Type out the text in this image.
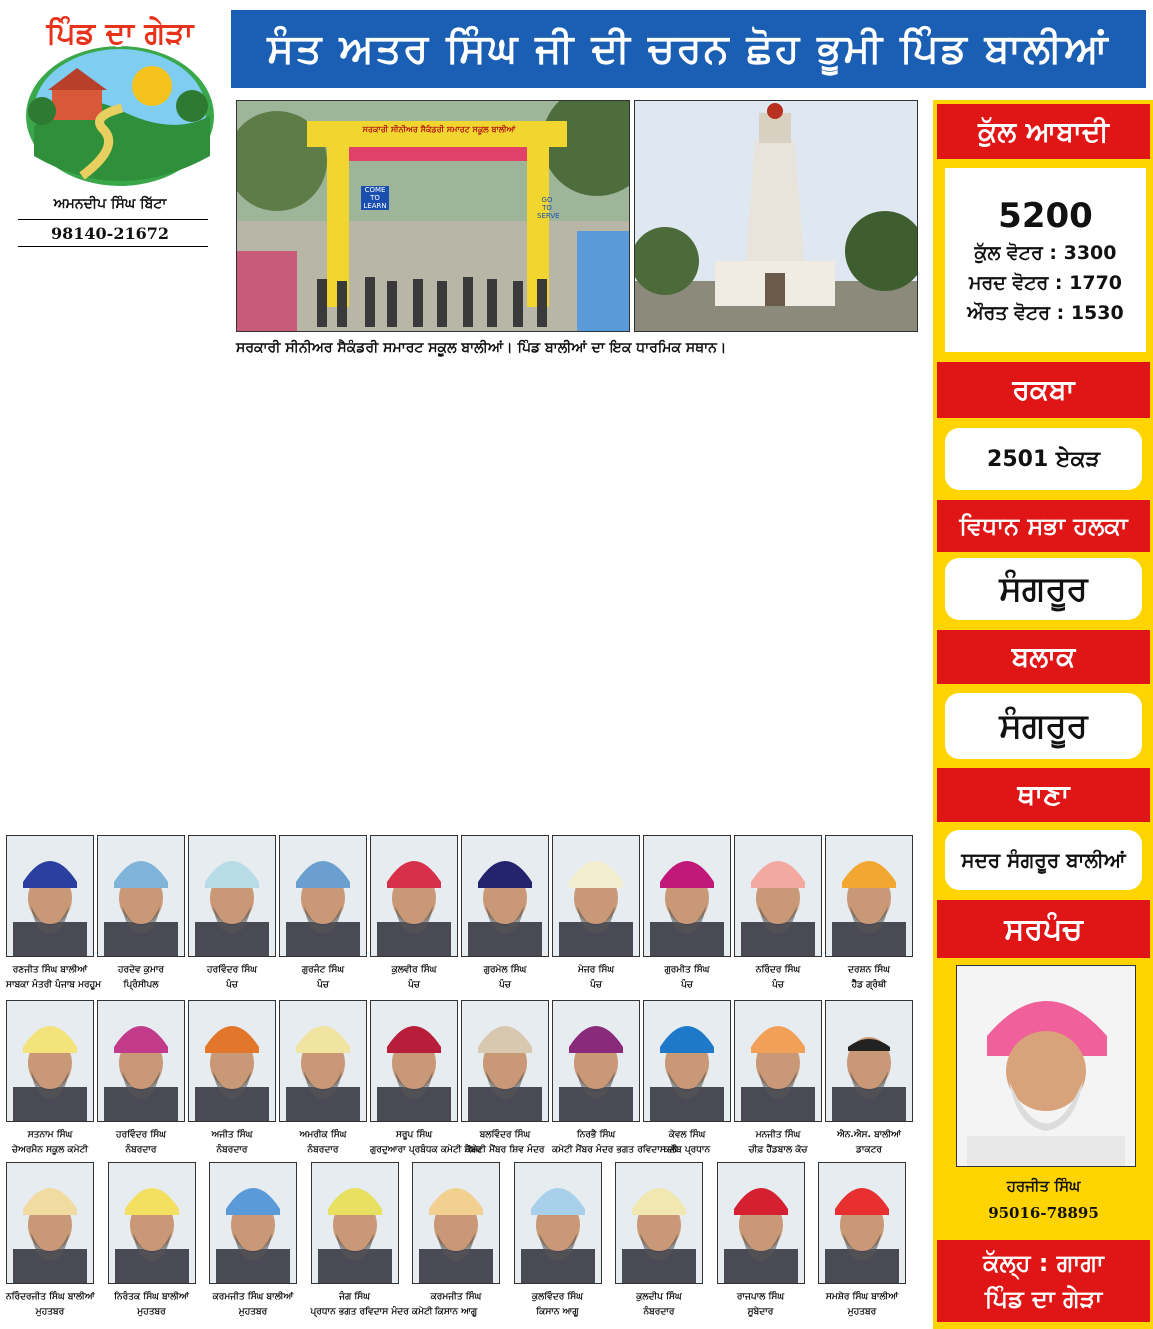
ਪਿੰਡ ਦਾ ਗੇੜਾ
ਅਮਨਦੀਪ ਸਿੰਘ ਬਿੱਟਾ
98140-21672
ਸੰਤ ਅਤਰ ਸਿੰਘ ਜੀ ਦੀ ਚਰਨ ਛੋਹ ਭੂਮੀ ਪਿੰਡ ਬਾਲੀਆਂ
ਸਰਕਾਰੀ ਸੀਨੀਅਰ ਸੈਕੰਡਰੀ ਸਮਾਰਟ ਸਕੂਲ ਬਾਲੀਆਂ
COME TO LEARN
GO TO SERVE
ਸਰਕਾਰੀ ਸੀਨੀਅਰ ਸੈਕੰਡਰੀ ਸਮਾਰਟ ਸਕੂਲ ਬਾਲੀਆਂ। ਪਿੰਡ ਬਾਲੀਆਂ ਦਾ ਇਕ ਧਾਰਮਿਕ ਸਥਾਨ।
ਕੁੱਲ ਆਬਾਦੀ
5200
ਕੁੱਲ ਵੋਟਰ : 3300
ਮਰਦ ਵੋਟਰ : 1770
ਔਰਤ ਵੋਟਰ : 1530
ਰਕਬਾ
2501 ਏਕੜ
ਵਿਧਾਨ ਸਭਾ ਹਲਕਾ
ਸੰਗਰੂਰ
ਬਲਾਕ
ਸੰਗਰੂਰ
ਥਾਣਾ
ਸਦਰ ਸੰਗਰੂਰ ਬਾਲੀਆਂ
ਸਰਪੰਚ
ਹਰਜੀਤ ਸਿੰਘ
95016-78895
ਕੱਲ੍ਹ : ਗਾਗਾ
ਪਿੰਡ ਦਾ ਗੇੜਾ
ਰਣਜੀਤ ਸਿੰਘ ਬਾਲੀਆਂ
ਸਾਬਕਾ ਮੰਤਰੀ ਪੰਜਾਬ ਮਰਹੂਮ
ਹਰਦੇਵ ਕੁਮਾਰ
ਪ੍ਰਿੰਸੀਪਲ
ਹਰਵਿੰਦਰ ਸਿੰਘ
ਪੰਚ
ਗੁਰਜੰਟ ਸਿੰਘ
ਪੰਚ
ਕੁਲਵੀਰ ਸਿੰਘ
ਪੰਚ
ਗੁਰਮੇਲ ਸਿੰਘ
ਪੰਚ
ਮੇਜਰ ਸਿੰਘ
ਪੰਚ
ਗੁਰਮੀਤ ਸਿੰਘ
ਪੰਚ
ਨਰਿੰਦਰ ਸਿੰਘ
ਪੰਚ
ਦਰਸ਼ਨ ਸਿੰਘ
ਹੈੱਡ ਗ੍ਰੰਥੀ
ਸਤਨਾਮ ਸਿੰਘ
ਚੇਅਰਮੈਨ ਸਕੂਲ ਕਮੇਟੀ
ਹਰਵਿੰਦਰ ਸਿੰਘ
ਨੰਬਰਦਾਰ
ਅਜੀਤ ਸਿੰਘ
ਨੰਬਰਦਾਰ
ਅਮਰੀਕ ਸਿੰਘ
ਨੰਬਰਦਾਰ
ਸਰੂਪ ਸਿੰਘ
ਗੁਰਦੁਆਰਾ ਪ੍ਰਬੰਧਕ ਕਮੇਟੀ ਮੈਂਬਰ
ਬਲਵਿੰਦਰ ਸਿੰਘ
ਕਮੇਟੀ ਮੈਂਬਰ ਸ਼ਿਵ ਮੰਦਰ
ਨਿਰਭੈ ਸਿੰਘ
ਕਮੇਟੀ ਮੈਂਬਰ ਮੰਦਰ ਭਗਤ ਰਵਿਦਾਸ ਜੀ
ਕੇਵਲ ਸਿੰਘ
ਕਲੱਬ ਪ੍ਰਧਾਨ
ਮਨਜੀਤ ਸਿੰਘ
ਚੀਫ਼ ਹੈਂਡਬਾਲ ਕੋਚ
ਐਨ.ਐਸ. ਬਾਲੀਆਂ
ਡਾਕਟਰ
ਨਰਿੰਦਰਜੀਤ ਸਿੰਘ ਬਾਲੀਆਂ
ਮੁਹਤਬਰ
ਨਿਰੰਤਕ ਸਿੰਘ ਬਾਲੀਆਂ
ਮੁਹਤਬਰ
ਕਰਮਜੀਤ ਸਿੰਘ ਬਾਲੀਆਂ
ਮੁਹਤਬਰ
ਜੰਗ ਸਿੰਘ
ਪ੍ਰਧਾਨ ਭਗਤ ਰਵਿਦਾਸ ਮੰਦਰ ਕਮੇਟੀ
ਕਰਮਜੀਤ ਸਿੰਘ
ਕਿਸਾਨ ਆਗੂ
ਕੁਲਵਿੰਦਰ ਸਿੰਘ
ਕਿਸਾਨ ਆਗੂ
ਕੁਲਦੀਪ ਸਿੰਘ
ਨੰਬਰਦਾਰ
ਰਾਜਪਾਲ ਸਿੰਘ
ਸੂਬੇਦਾਰ
ਸਮਸ਼ੇਰ ਸਿੰਘ ਬਾਲੀਆਂ
ਮੁਹਤਬਰ
